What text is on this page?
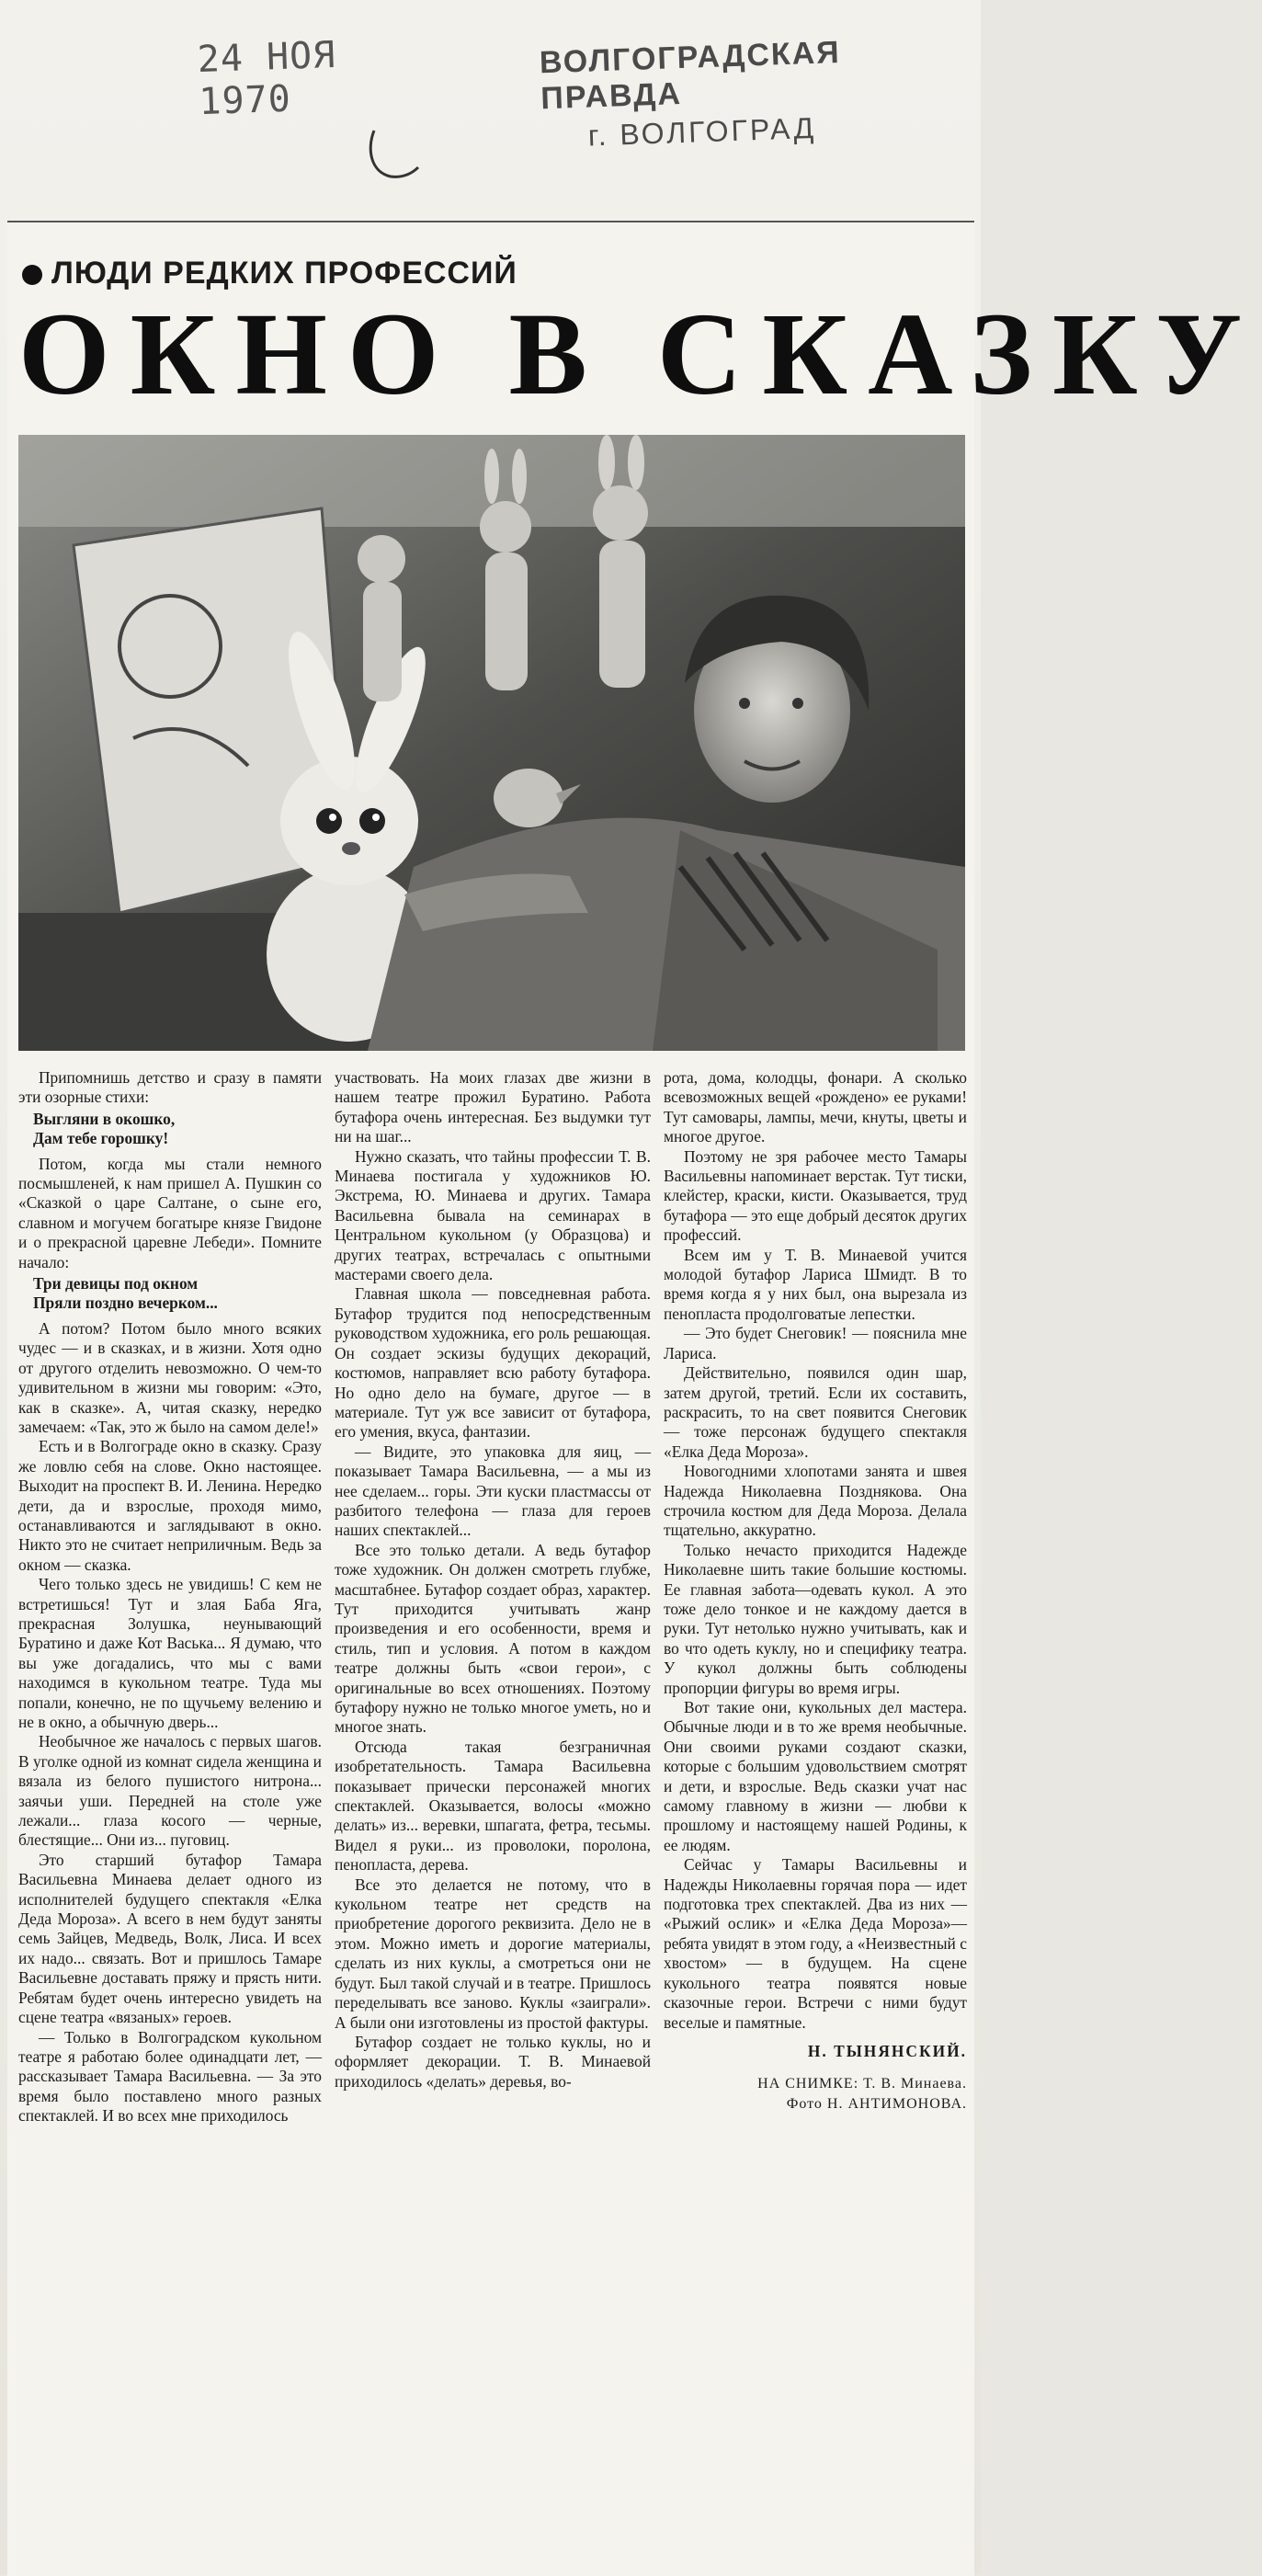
24 НОЯ 1970
ВОЛГОГРАДСКАЯ ПРАВДА
г. ВОЛГОГРАД
ЛЮДИ РЕДКИХ ПРОФЕССИЙ
ОКНО В СКАЗКУ

Припомнишь детство и сразу в памяти эти озорные стихи:

Выгляни в окошко,
Дам тебе горошку!

Потом, когда мы стали немного посмышленей, к нам пришел А. Пушкин со «Сказкой о царе Салтане, о сыне его, славном и могучем богатыре князе Гвидоне и о прекрасной царевне Лебеди». Помните начало:

Три девицы под окном
Пряли поздно вечерком...

А потом? Потом было много всяких чудес — и в сказках, и в жизни. Хотя одно от другого отделить невозможно. О чем-то удивительном в жизни мы говорим: «Это, как в сказке». А, читая сказку, нередко замечаем: «Так, это ж было на самом деле!»

Есть и в Волгограде окно в сказку. Сразу же ловлю себя на слове. Окно настоящее. Выходит на проспект В. И. Ленина. Нередко дети, да и взрослые, проходя мимо, останавливаются и заглядывают в окно. Никто это не считает неприличным. Ведь за окном — сказка.

Чего только здесь не увидишь! С кем не встретишься! Тут и злая Баба Яга, прекрасная Золушка, неунывающий Буратино и даже Кот Васька... Я думаю, что вы уже догадались, что мы с вами находимся в кукольном театре. Туда мы попали, конечно, не по щучьему велению и не в окно, а обычную дверь...

Необычное же началось с первых шагов. В уголке одной из комнат сидела женщина и вязала из белого пушистого нитрона... заячьи уши. Передней на столе уже лежали... глаза косого — черные, блестящие... Они из... пуговиц.

Это старший бутафор Тамара Васильевна Минаева делает одного из исполнителей будущего спектакля «Елка Деда Мороза». А всего в нем будут заняты семь Зайцев, Медведь, Волк, Лиса. И всех их надо... связать. Вот и пришлось Тамаре Васильевне доставать пряжу и прясть нити. Ребятам будет очень интересно увидеть на сцене театра «вязаных» героев.

— Только в Волгоградском кукольном театре я работаю более одинадцати лет, — рассказывает Тамара Васильевна. — За это время было поставлено много разных спектаклей. И во всех мне приходилось

участвовать. На моих глазах две жизни в нашем театре прожил Буратино. Работа бутафора очень интересная. Без выдумки тут ни на шаг...

Нужно сказать, что тайны профессии Т. В. Минаева постигала у художников Ю. Экстрема, Ю. Минаева и других. Тамара Васильевна бывала на семинарах в Центральном кукольном (у Образцова) и других театрах, встречалась с опытными мастерами своего дела.

Главная школа — повседневная работа. Бутафор трудится под непосредственным руководством художника, его роль решающая. Он создает эскизы будущих декораций, костюмов, направляет всю работу бутафора. Но одно дело на бумаге, другое — в материале. Тут уж все зависит от бутафора, его умения, вкуса, фантазии.

— Видите, это упаковка для яиц, — показывает Тамара Васильевна, — а мы из нее сделаем... горы. Эти куски пластмассы от разбитого телефона — глаза для героев наших спектаклей...

Все это только детали. А ведь бутафор тоже художник. Он должен смотреть глубже, масштабнее. Бутафор создает образ, характер. Тут приходится учитывать жанр произведения и его особенности, время и стиль, тип и условия. А потом в каждом театре должны быть «свои герои», с оригинальные во всех отношениях. Поэтому бутафору нужно не только многое уметь, но и многое знать.

Отсюда такая безграничная изобретательность. Тамара Васильевна показывает прически персонажей многих спектаклей. Оказывается, волосы «можно делать» из... веревки, шпагата, фетра, тесьмы. Видел я руки... из проволоки, поролона, пенопласта, дерева.

Все это делается не потому, что в кукольном театре нет средств на приобретение дорогого реквизита. Дело не в этом. Можно иметь и дорогие материалы, сделать из них куклы, а смотреться они не будут. Был такой случай и в театре. Пришлось переделывать все заново. Куклы «заиграли». А были они изготовлены из простой фактуры.

Бутафор создает не только куклы, но и оформляет декорации. Т. В. Минаевой приходилось «делать» деревья, во-

рота, дома, колодцы, фонари. А сколько всевозможных вещей «рождено» ее руками! Тут самовары, лампы, мечи, кнуты, цветы и многое другое.

Поэтому не зря рабочее место Тамары Васильевны напоминает верстак. Тут тиски, клейстер, краски, кисти. Оказывается, труд бутафора — это еще добрый десяток других профессий.

Всем им у Т. В. Минаевой учится молодой бутафор Лариса Шмидт. В то время когда я у них был, она вырезала из пенопласта продолговатые лепестки.

— Это будет Снеговик! — пояснила мне Лариса.

Действительно, появился один шар, затем другой, третий. Если их составить, раскрасить, то на свет появится Снеговик — тоже персонаж будущего спектакля «Елка Деда Мороза».

Новогодними хлопотами занята и швея Надежда Николаевна Позднякова. Она строчила костюм для Деда Мороза. Делала тщательно, аккуратно.

Только нечасто приходится Надежде Николаевне шить такие большие костюмы. Ее главная забота—одевать кукол. А это тоже дело тонкое и не каждому дается в руки. Тут нетолько нужно учитывать, как и во что одеть куклу, но и специфику театра. У кукол должны быть соблюдены пропорции фигуры во время игры.

Вот такие они, кукольных дел мастера. Обычные люди и в то же время необычные. Они своими руками создают сказки, которые с большим удовольствием смотрят и дети, и взрослые. Ведь сказки учат наc самому главному в жизни — любви к прошлому и настоящему нашей Родины, к ее людям.

Сейчас у Тамары Васильевны и Надежды Николаевны горячая пора — идет подготовка трех спектаклей. Два из них — «Рыжий ослик» и «Елка Деда Мороза»—ребята увидят в этом году, а «Неизвестный с хвостом» — в будущем. На сцене кукольного театра появятся новые сказочные герои. Встречи с ними будут веселые и памятные.

Н. ТЫНЯНСКИЙ.
НА СНИМКЕ: Т. В. Минаева.
Фото Н. АНТИМОНОВА.
